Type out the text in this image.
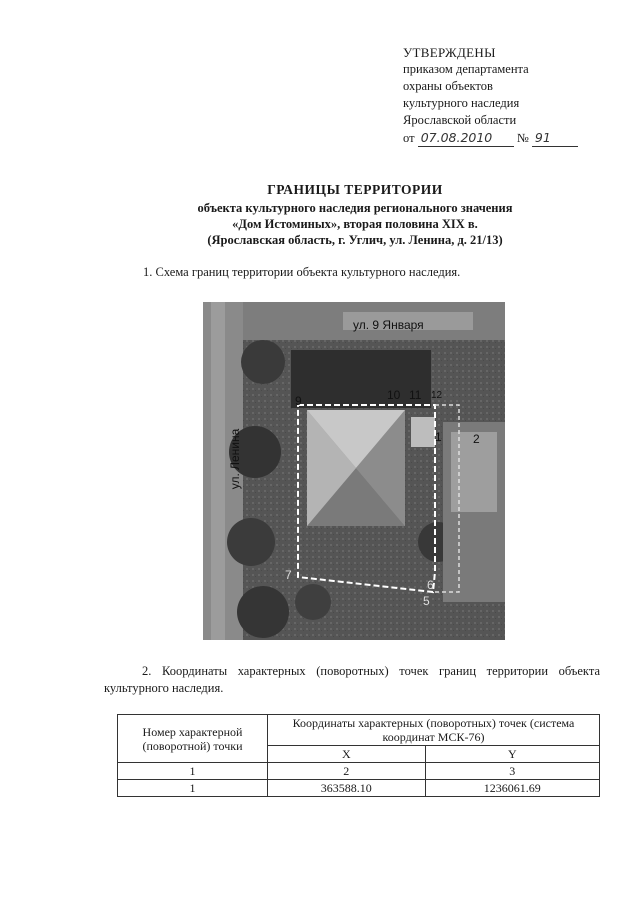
УТВЕРЖДЕНЫ
приказом департамента
охраны объектов
культурного наследия
Ярославской области
от 07.08.2010 № 91
ГРАНИЦЫ ТЕРРИТОРИИ
объекта культурного наследия регионального значения
«Дом Истоминых», вторая половина XIX в.
(Ярославская область, г. Углич, ул. Ленина, д. 21/13)
1. Схема границ территории объекта культурного наследия.
ул. 9 Января
ул. Ленина	1	2
9	10 11 12
7
6
5
2. Координаты характерных (поворотных) точек границ территории объекта культурного наследия.
Номер характерной (поворотной) точки	Координаты характерных (поворотных) точек (система координат МСК-76)	
	X	Y
1	2	3
1	363588.10	1236061.69
